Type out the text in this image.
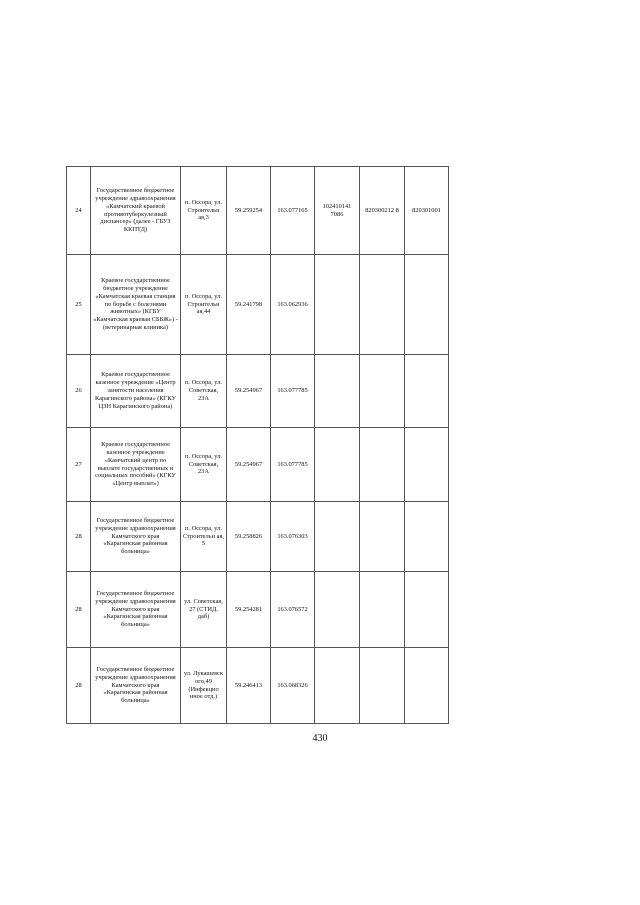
24	Государственное бюджетное учреждение здравоохранения «Камчатский краевой противотуберкулезный диспансер» (далее - ГБУЗ ККПТД)	п. Оссора, ул. Строительн ая,3	59.259254	163.077165	102410141 7086	820300212 8	820301001
25	Краевое государственное бюджетное учреждение «Камчатская краевая станция по борьбе с болезнями животных» (КГБУ «Камчатская краевая СББЖ») - (ветеринарная клиника)	п. Оссора, ул. Строительн ая,44	59.241798	163.062936			
26	Краевое государственное казенное учреждение «Центр занятости населения Карагинского района» (КГКУ ЦЗН Карагинского района)	п. Оссора, ул. Советская, 23А	59.254967	163.077785			
27	Краевое государственное казенное учреждение «Камчатский центр по выплате государственных и социальных пособий» (КГКУ «Центр выплат»)	п. Оссора, ул. Советская, 23А	59.254967	163.077785			
28	Государственное бюджетное учреждение здравоохранения Камчатского края «Карагинская районная больница»	п. Оссора, ул. Строительн ая, 5	59.258826	163.076303			
28	Государственное бюджетное учреждение здравоохранения Камчатского края «Карагинская районная больница»	ул. Советская, 27 (СТИД. даб)	59.254281	163.076572			
28	Государственное бюджетное учреждение здравоохранения Камчатского края «Карагинская районная больница»	ул. Лукашевск ого,49 (Инфекцио нное отд.)	59.246413	163.068326			
430
